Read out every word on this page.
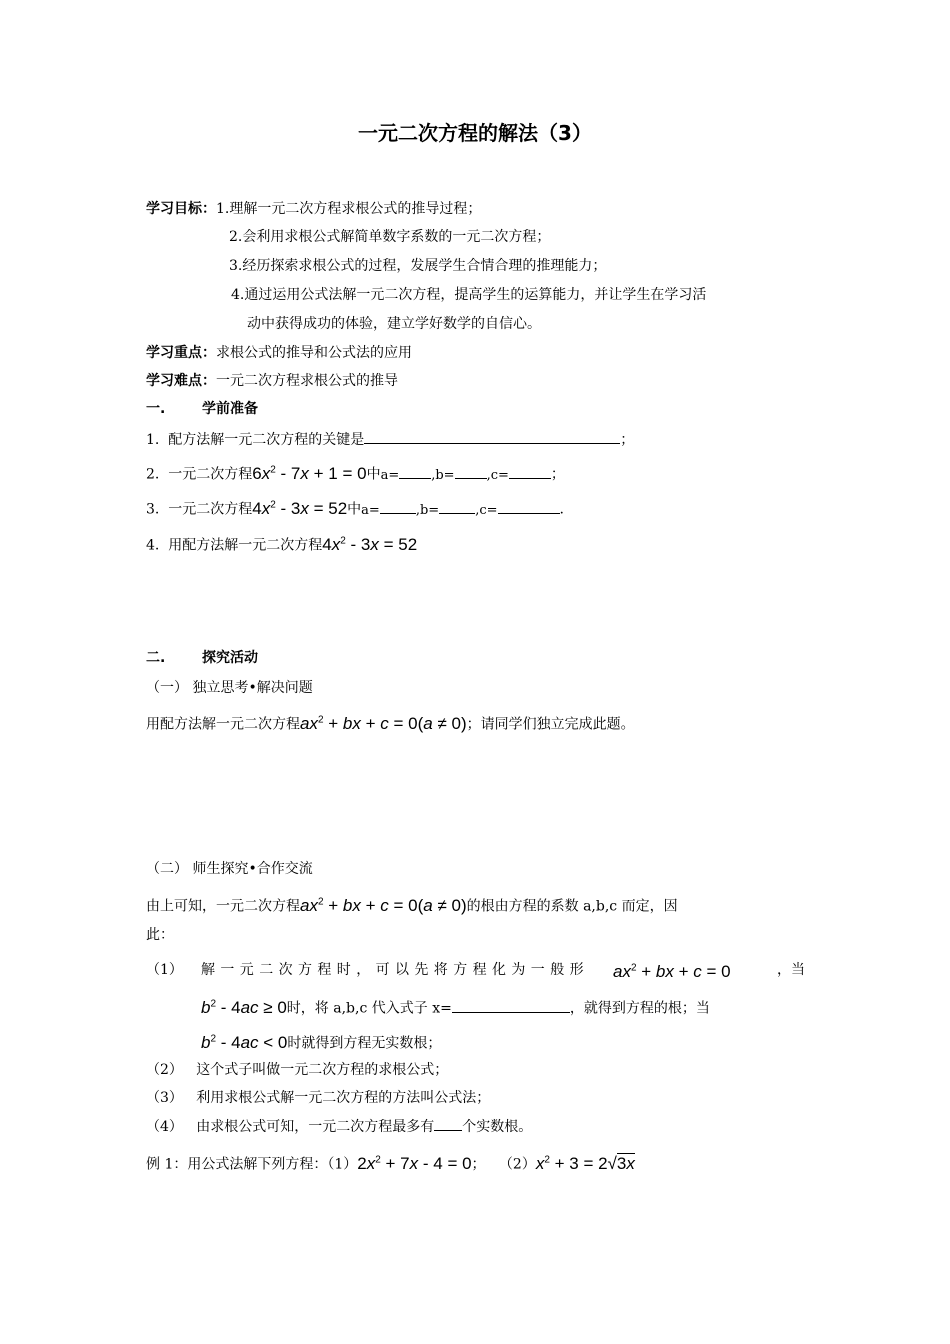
一元二次方程的解法（3）
学习目标：1.理解一元二次方程求根公式的推导过程；
2.会利用求根公式解简单数字系数的一元二次方程；
3.经历探索求根公式的过程，发展学生合情合理的推理能力；
4.通过运用公式法解一元二次方程，提高学生的运算能力，并让学生在学习活
动中获得成功的体验，建立学好数学的自信心。
学习重点：求根公式的推导和公式法的应用
学习难点：一元二次方程求根公式的推导
一.	学前准备
1. 配方法解一元二次方程的关键是	；
2. 一元二次方程$6x^2 - 7x + 1 = 0$中a= ,b= ,c=	；
3. 一元二次方程$4x^2 - 3x = 52$中a=	,b=	,c=	.
4. 用配方法解一元二次方程$4x^2 - 3x = 52$
二.	探究活动
（一） 独立思考•解决问题
用配方法解一元二次方程$ax^2$ + bx + c = 0(a ≠ 0)；请同学们独立完成此题。
（二） 师生探究•合作交流
由上可知，一元二次方程$ax^2$ + bx + c = 0(a ≠ 0)的根由方程的系数 a,b,c 而定，因
此：
（1） 解一元二次方程时，可以先将方程化为一般形 $ax^2$ + bx + c = 0	，当
$b^2 - 4ac \ge 0$时，将 a,b,c 代入式子 x=	，就得到方程的根；当
$b^2 - 4ac < 0$时就得到方程无实数根；
（2） 这个式子叫做一元二次方程的求根公式；
（3） 利用求根公式解一元二次方程的方法叫公式法；
（4） 由求根公式可知，一元二次方程最多有 个实数根。
例 1：用公式法解下列方程：$(1)2x^2 + 7x - 4 = 0$； $(2)x^2 + 3 = 2√3x$
